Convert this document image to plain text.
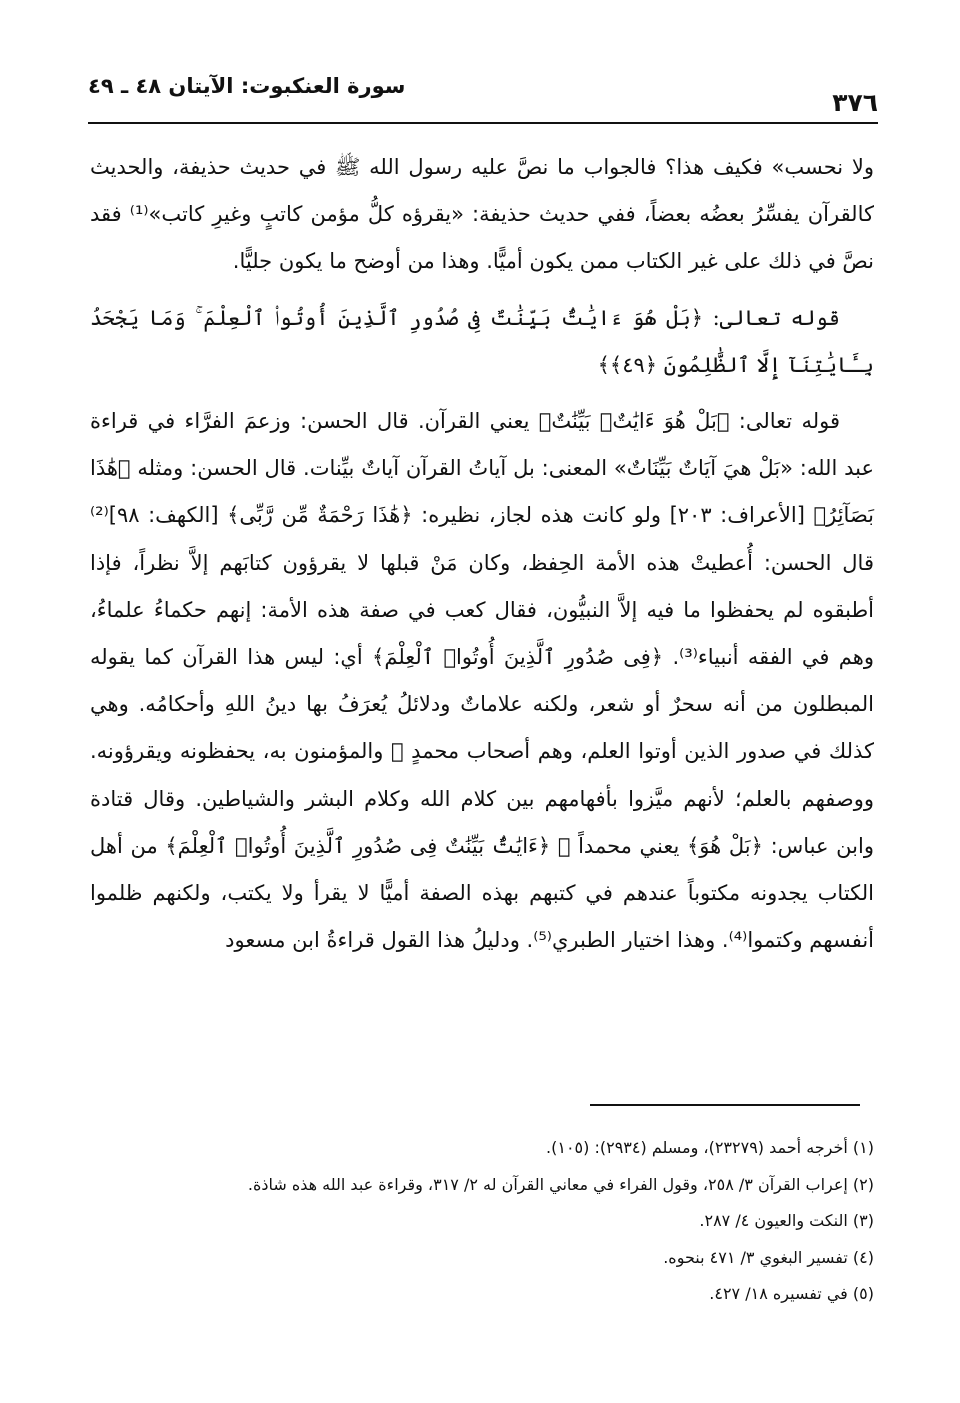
٣٧٦
سورة العنكبوت: الآيتان ٤٨ ـ ٤٩

ولا نحسب» فكيف هذا؟ فالجواب ما نصَّ عليه رسول الله ﷺ في حديث حذيفة، والحديث كالقرآن يفسِّرُ بعضُه بعضاً، ففي حديث حذيفة: «يقرؤه كلُّ مؤمن كاتبٍ وغيرِ كاتب»⁽¹⁾ فقد نصَّ في ذلك على غير الكتاب ممن يكون أميًّا. وهذا من أوضح ما يكون جليًّا.

قوله تعالى: ﴿بَلْ هُوَ ءَايَٰتٌۢ بَيِّنَٰتٌ فِى صُدُورِ ٱلَّذِينَ أُوتُوا۟ ٱلْعِلْمَ ۚ وَمَا يَجْحَدُ بِـَٔايَٰتِنَآ إِلَّا ٱلظَّٰلِمُونَ ﴿٤٩﴾﴾

قوله تعالى: ﴿بَلْ هُوَ ءَايَٰتٌۢ بَيِّنَٰتٌ﴾ يعني القرآن. قال الحسن: وزعمَ الفرَّاء في قراءة عبد الله: «بَلْ هيَ آيَاتٌ بَيِّنَاتٌ» المعنى: بل آياتُ القرآن آياتٌ بيِّنات. قال الحسن: ومثله ﴿هَٰذَا بَصَآئِرُ﴾ [الأعراف: ٢٠٣] ولو كانت هذه لجاز، نظيره: ﴿هَٰذَا رَحْمَةٌ مِّن رَّبِّى﴾ [الكهف: ٩٨]⁽²⁾ قال الحسن: أُعطيتْ هذه الأمة الحِفظ، وكان مَنْ قبلها لا يقرؤون كتابَهم إلاَّ نظراً، فإذا أطبقوه لم يحفظوا ما فيه إلاَّ النبيُّون، فقال كعب في صفة هذه الأمة: إنهم حكماءُ علماءُ، وهم في الفقه أنبياء⁽³⁾. ﴿فِى صُدُورِ ٱلَّذِينَ أُوتُوا۟ ٱلْعِلْمَ﴾ أي: ليس هذا القرآن كما يقوله المبطلون من أنه سحرٌ أو شعر، ولكنه علاماتٌ ودلائلُ يُعرَفُ بها دينُ اللهِ وأحكامُه. وهي كذلك في صدور الذين أوتوا العلم، وهم أصحاب محمدٍ ﷺ والمؤمنون به، يحفظونه ويقرؤونه. ووصفهم بالعلم؛ لأنهم ميَّزوا بأفهامهم بين كلام الله وكلام البشر والشياطين. وقال قتادة وابن عباس: ﴿بَلْ هُوَ﴾ يعني محمداً ﷺ ﴿ءَايَٰتٌۢ بَيِّنَٰتٌ فِى صُدُورِ ٱلَّذِينَ أُوتُوا۟ ٱلْعِلْمَ﴾ من أهل الكتاب يجدونه مكتوباً عندهم في كتبهم بهذه الصفة أميًّا لا يقرأ ولا يكتب، ولكنهم ظلموا أنفسهم وكتموا⁽⁴⁾. وهذا اختيار الطبري⁽⁵⁾. ودليلُ هذا القول قراءةُ ابن مسعود

(١) أخرجه أحمد (٢٣٢٧٩)، ومسلم (٢٩٣٤): (١٠٥).
(٢) إعراب القرآن ٣/ ٢٥٨، وقول الفراء في معاني القرآن له ٢/ ٣١٧، وقراءة عبد الله هذه شاذة.
(٣) النكت والعيون ٤/ ٢٨٧.
(٤) تفسير البغوي ٣/ ٤٧١ بنحوه.
(٥) في تفسيره ١٨/ ٤٢٧.
